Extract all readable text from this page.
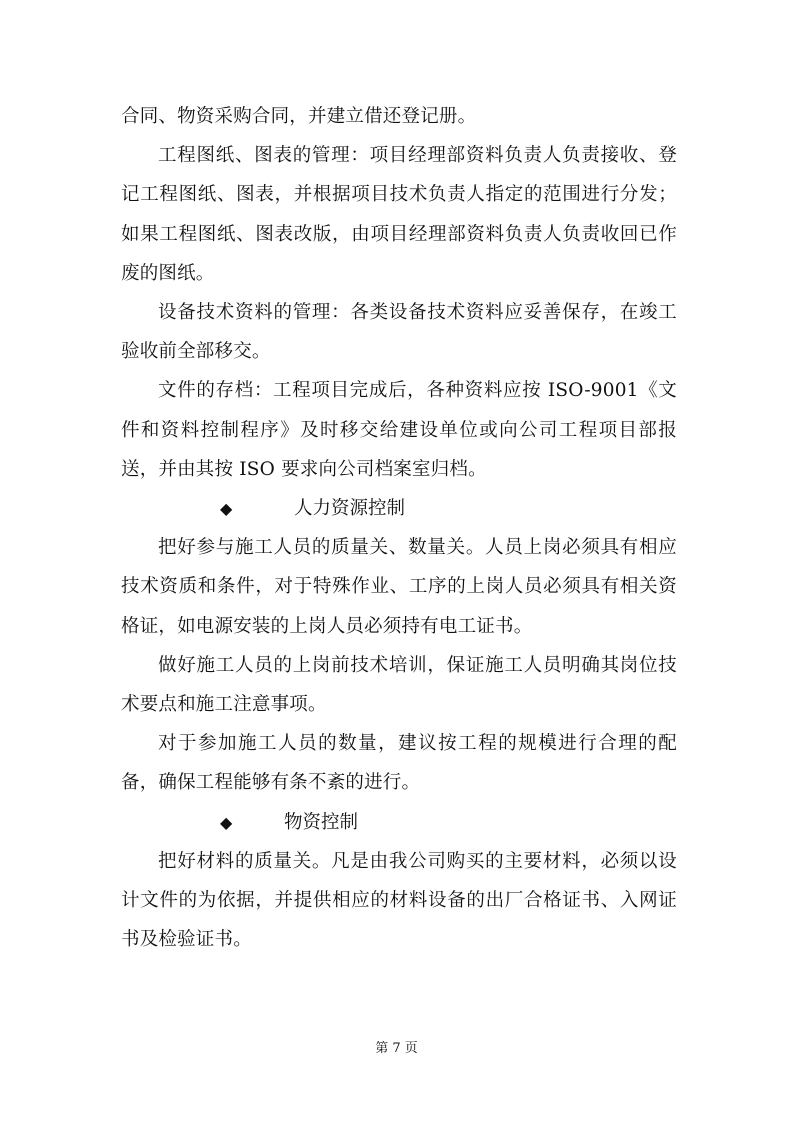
合同、物资采购合同，并建立借还登记册。

工程图纸、图表的管理：项目经理部资料负责人负责接收、登记工程图纸、图表，并根据项目技术负责人指定的范围进行分发；如果工程图纸、图表改版，由项目经理部资料负责人负责收回已作废的图纸。

设备技术资料的管理：各类设备技术资料应妥善保存，在竣工验收前全部移交。

文件的存档：工程项目完成后，各种资料应按 ISO-9001《文件和资料控制程序》及时移交给建设单位或向公司工程项目部报送，并由其按 ISO 要求向公司档案室归档。

◆	人力资源控制

把好参与施工人员的质量关、数量关。人员上岗必须具有相应技术资质和条件，对于特殊作业、工序的上岗人员必须具有相关资格证，如电源安装的上岗人员必须持有电工证书。

做好施工人员的上岗前技术培训，保证施工人员明确其岗位技术要点和施工注意事项。

对于参加施工人员的数量，建议按工程的规模进行合理的配备，确保工程能够有条不紊的进行。

◆	物资控制

把好材料的质量关。凡是由我公司购买的主要材料，必须以设计文件的为依据，并提供相应的材料设备的出厂合格证书、入网证书及检验证书。

第 7 页
